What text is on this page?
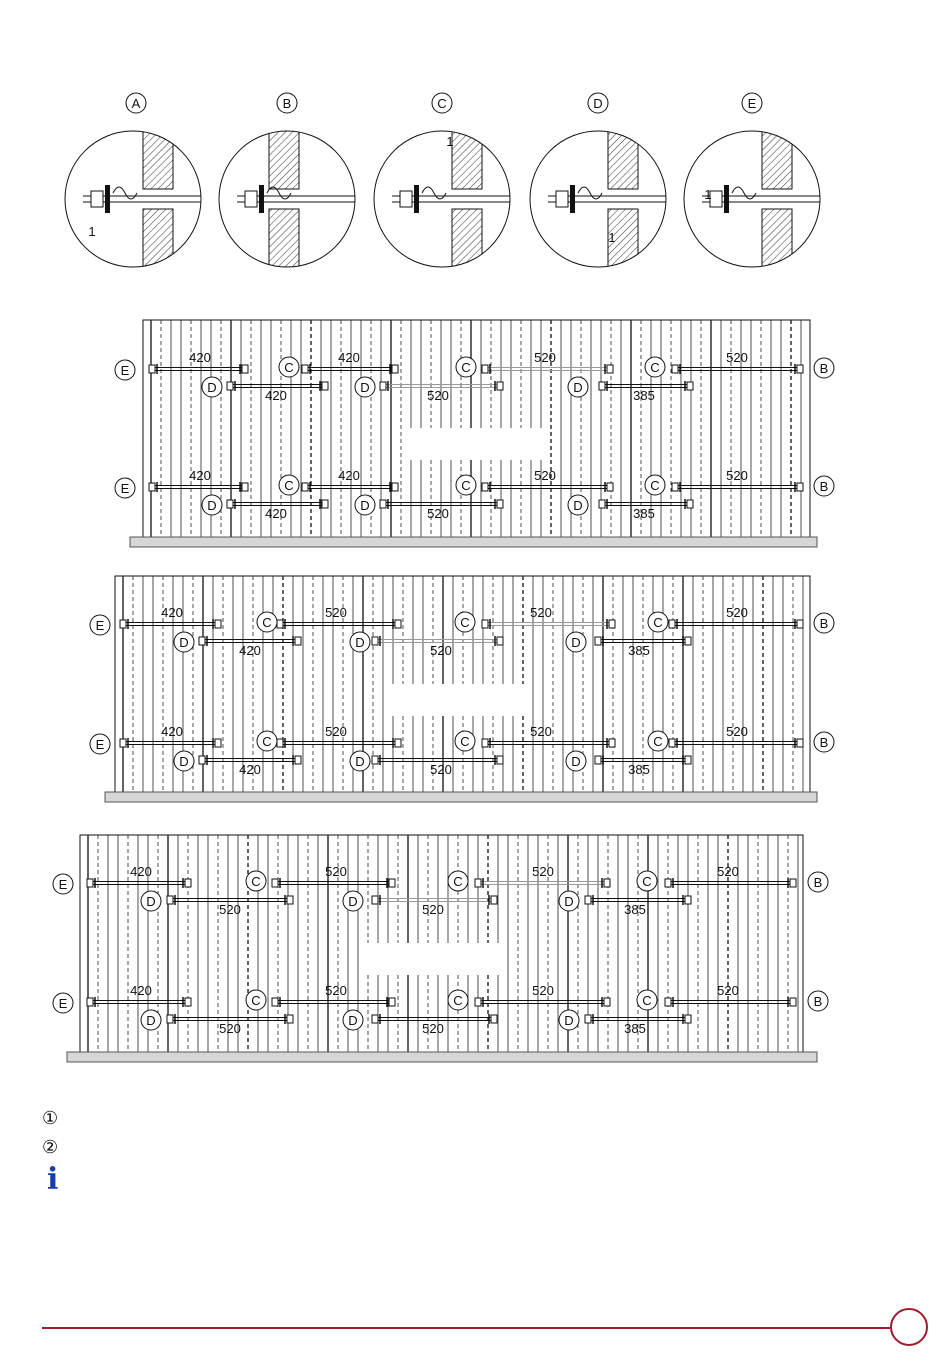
A
1
B	C
1
D
1
E
1
420
E
420
C
520
C
520
C	B
420
D
520
D
385
D
420
E
420
C
520
C
520
C	B
420
D
520
D
385
D
420
E
520
C
520
C
520
C	B
420
D
520
D
385
D
420
E
520
C
520
C
520
C	B
420
D
520
D
385
D
420
E
520
C
520
C
520
C	B
520
D
520
D
385
D
420
E
520
C
520
C
520
C	B
520
D
520
D
385
D
①
②
i
